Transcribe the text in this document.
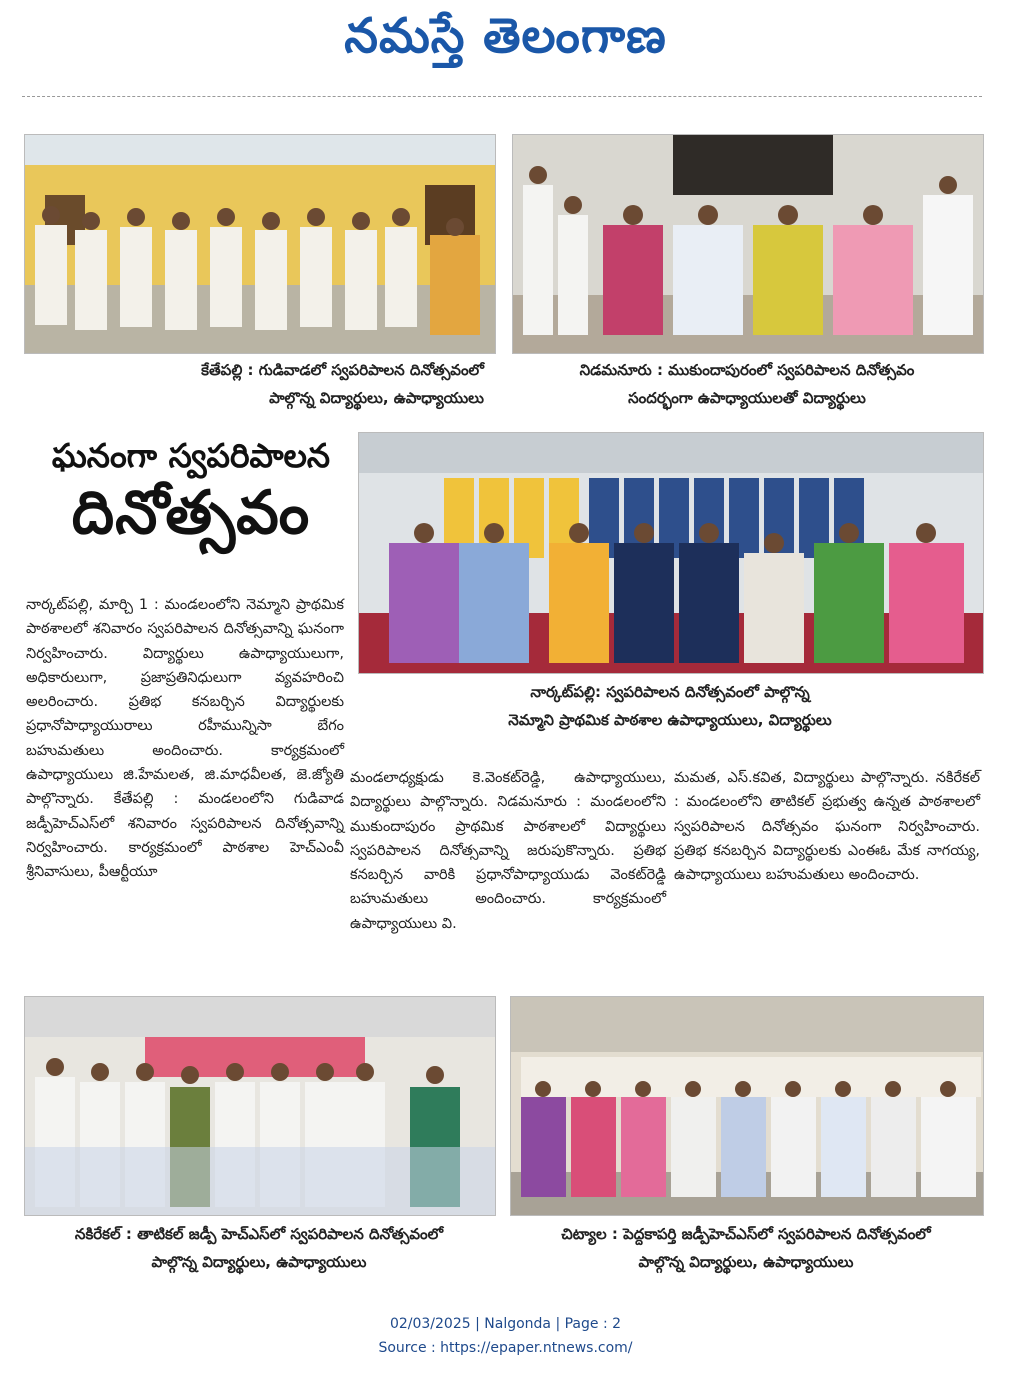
నమస్తే తెలంగాణ
నిడమనూరు : ముకుందాపురంలో స్వపరిపాలన దినోత్సవం
సందర్భంగా ఉపాధ్యాయులతో విద్యార్థులు
కేతేపల్లి : గుడివాడలో స్వపరిపాలన దినోత్సవంలో
పాల్గొన్న విద్యార్థులు, ఉపాధ్యాయులు
ఘనంగా స్వపరిపాలన
దినోత్సవం
నార్కట్‌పల్లి: స్వపరిపాలన దినోత్సవంలో పాల్గొన్న
నెమ్మాని ప్రాథమిక పాఠశాల ఉపాధ్యాయులు, విద్యార్థులు

నార్కట్‌పల్లి, మార్చి 1 : మండలంలోని నెమ్మాని ప్రాథమిక పాఠశాలలో శనివారం స్వపరిపాలన దినోత్సవాన్ని ఘనంగా నిర్వహించారు. విద్యార్థులు ఉపాధ్యాయులుగా, అధికారులుగా, ప్రజాప్రతినిధులుగా వ్యవహరించి అలరించారు. ప్రతిభ కనబర్చిన విద్యార్థులకు ప్రధానోపాధ్యాయురాలు రహీమున్నిసా బేగం బహుమతులు అందించారు. కార్యక్రమంలో ఉపాధ్యాయులు జి.హేమలత, జి.మాధవీలత, జె.జ్యోతి పాల్గొన్నారు. కేతేపల్లి : మండలంలోని గుడివాడ జడ్పీహెచ్ఎస్‌లో శనివారం స్వపరిపాలన దినోత్సవాన్ని నిర్వహించారు. కార్యక్రమంలో పాఠశాల హెచ్ఎంవీ శ్రీనివాసులు, పీఆర్టీయూ

మండలాధ్యక్షుడు కె.వెంకట్‌రెడ్డి, ఉపాధ్యాయులు, విద్యార్థులు పాల్గొన్నారు. నిడమనూరు : మండలంలోని ముకుందాపురం ప్రాథమిక పాఠశాలలో విద్యార్థులు స్వపరిపాలన దినోత్సవాన్ని జరుపుకొన్నారు. ప్రతిభ కనబర్చిన వారికి ప్రధానోపాధ్యాయుడు వెంకట్‌రెడ్డి బహుమతులు అందించారు. కార్యక్రమంలో ఉపాధ్యాయులు వి.

మమత, ఎస్.కవిత, విద్యార్థులు పాల్గొన్నారు. నకిరేకల్ : మండలంలోని తాటికల్ ప్రభుత్వ ఉన్నత పాఠశాలలో స్వపరిపాలన దినోత్సవం ఘనంగా నిర్వహించారు. ప్రతిభ కనబర్చిన విద్యార్థులకు ఎంఈఓ మేక నాగయ్య, ఉపాధ్యాయులు బహుమతులు అందించారు.

నకిరేకల్ : తాటికల్ జడ్పీ హెచ్ఎస్‌లో స్వపరిపాలన దినోత్సవంలో
పాల్గొన్న విద్యార్థులు, ఉపాధ్యాయులు
చిట్యాల : పెద్దకాపర్తి జడ్పీహెచ్ఎస్‌లో స్వపరిపాలన దినోత్సవంలో
పాల్గొన్న విద్యార్థులు, ఉపాధ్యాయులు
02/03/2025 | Nalgonda | Page : 2
Source : https://epaper.ntnews.com/
